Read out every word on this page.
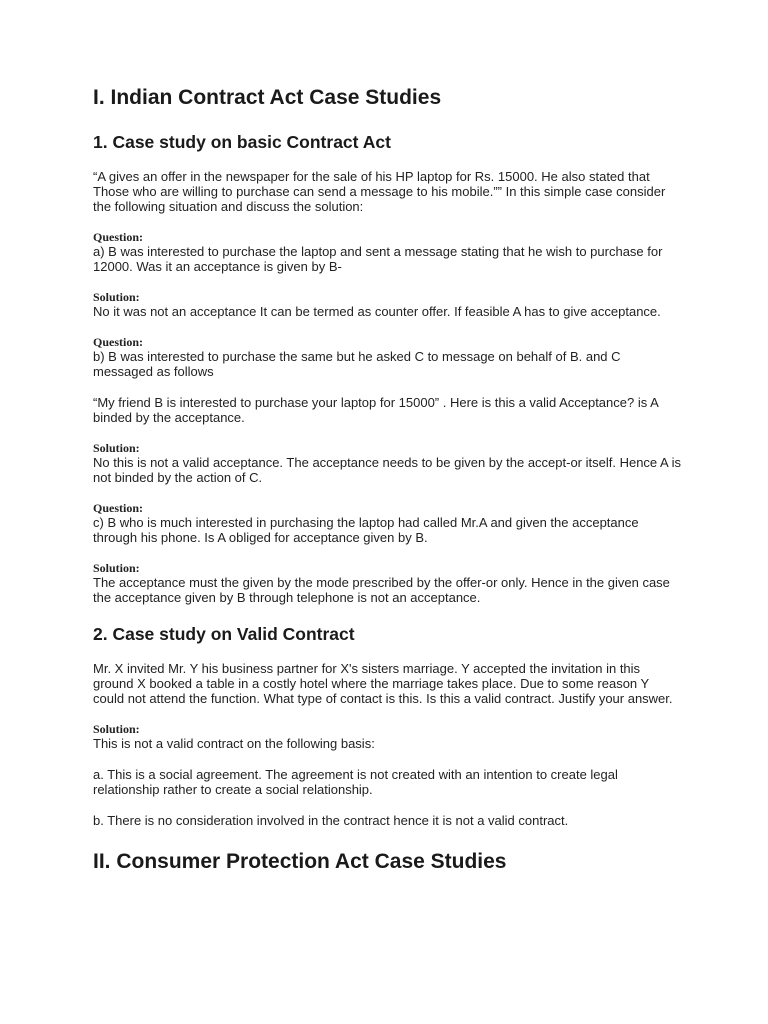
I. Indian Contract Act Case Studies
1. Case study on basic Contract Act

“A gives an offer in the newspaper for the sale of his HP laptop for Rs. 15000. He also stated that Those who are willing to purchase can send a message to his mobile.”” In this simple case consider the following situation and discuss the solution:

Question:

a) B was interested to purchase the laptop and sent a message stating that he wish to purchase for 12000. Was it an acceptance is given by B-

Solution:

No it was not an acceptance It can be termed as counter offer. If feasible A has to give acceptance.

Question:

b) B was interested to purchase the same but he asked C to message on behalf of B. and C messaged as follows

“My friend B is interested to purchase your laptop for 15000” . Here is this a valid Acceptance? is A binded by the acceptance.

Solution:

No this is not a valid acceptance. The acceptance needs to be given by the accept-or itself. Hence A is not binded by the action of C.

Question:

c) B who is much interested in purchasing the laptop had called Mr.A and given the acceptance through his phone. Is A obliged for acceptance given by B.

Solution:

The acceptance must the given by the mode prescribed by the offer-or only. Hence in the given case the acceptance given by B through telephone is not an acceptance.

2. Case study on Valid Contract

Mr. X invited Mr. Y his business partner for X's sisters marriage. Y accepted the invitation in this ground X booked a table in a costly hotel where the marriage takes place. Due to some reason Y could not attend the function. What type of contact is this. Is this a valid contract. Justify your answer.

Solution:

This is not a valid contract on the following basis:

a. This is a social agreement. The agreement is not created with an intention to create legal relationship rather to create a social relationship.

b. There is no consideration involved in the contract hence it is not a valid contract.

II. Consumer Protection Act Case Studies
